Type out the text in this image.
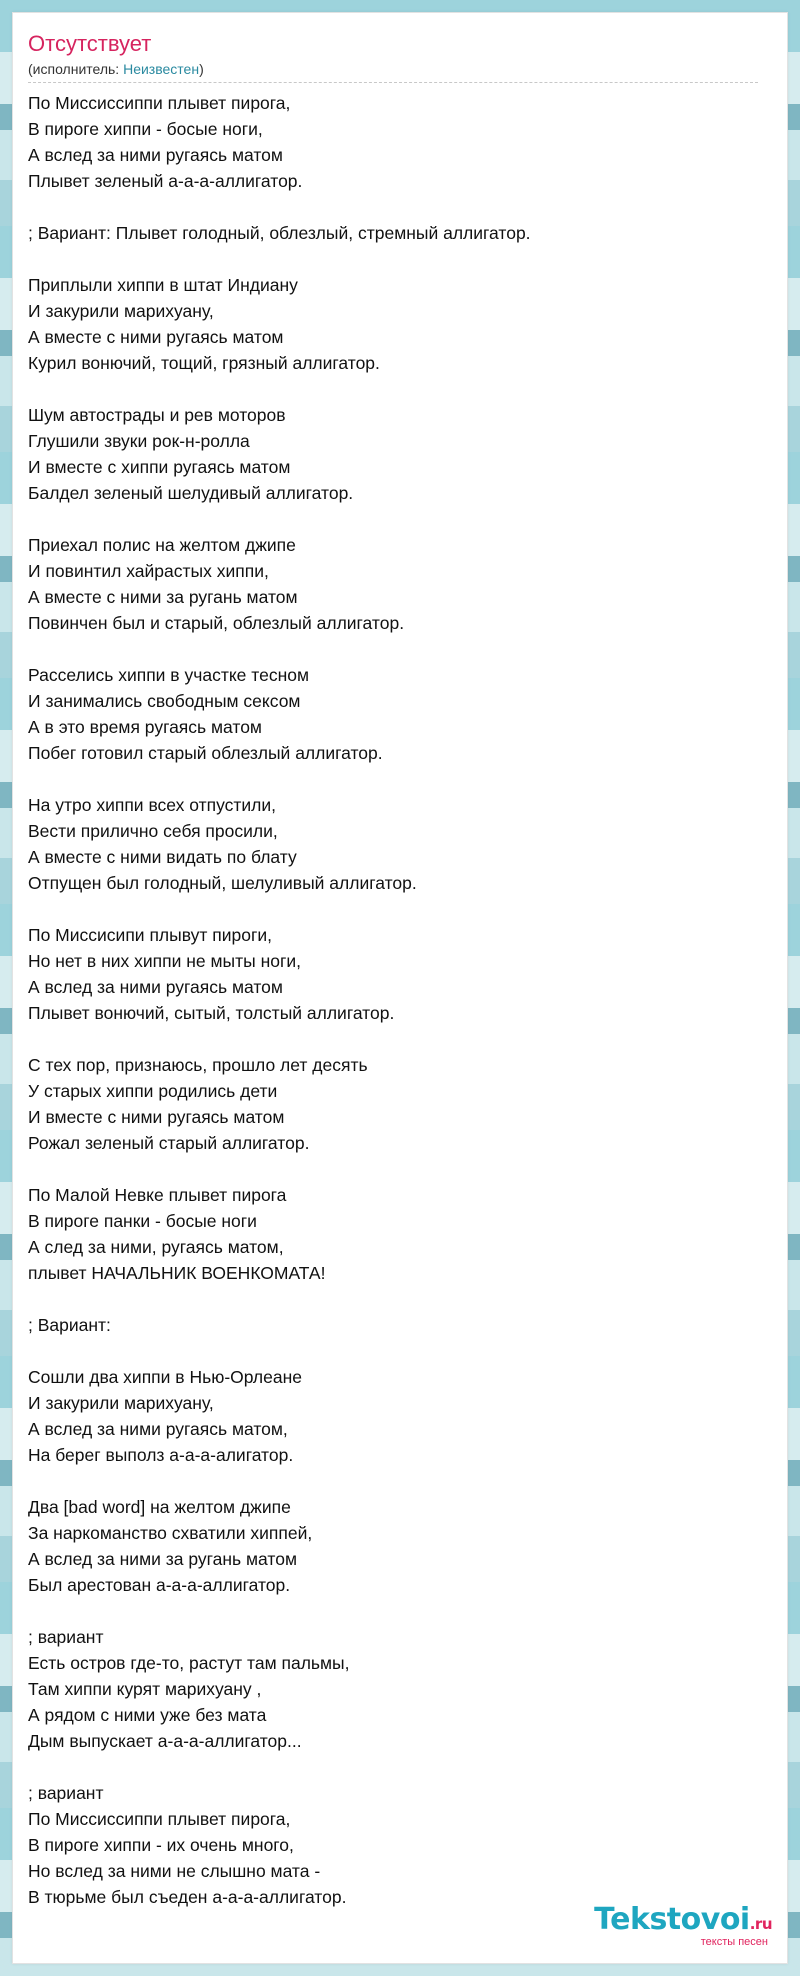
Отсутствует
(исполнитель: Неизвестен)
По Миссиссиппи плывет пирога,
В пироге хиппи - босые ноги,
А вслед за ними ругаясь матом
Плывет зеленый а-а-а-аллигатор.
; Вариант: Плывет голодный, облезлый, стремный аллигатор.
Приплыли хиппи в штат Индиану
И закурили марихуану,
А вместе с ними ругаясь матом
Курил вонючий, тощий, грязный аллигатор.
Шум автострады и рев моторов
Глушили звуки рок-н-ролла
И вместе с хиппи ругаясь матом
Балдел зеленый шелудивый аллигатор.
Приехал полис на желтом джипе
И повинтил хайрастых хиппи,
А вместе с ними за ругань матом
Повинчен был и старый, облезлый аллигатор.
Расселись хиппи в участке тесном
И занимались свободным сексом
А в это время ругаясь матом
Побег готовил старый облезлый аллигатор.
На утро хиппи всех отпустили,
Вести прилично себя просили,
А вместе с ними видать по блату
Отпущен был голодный, шелуливый аллигатор.
По Миссисипи плывут пироги,
Но нет в них хиппи не мыты ноги,
А вслед за ними ругаясь матом
Плывет вонючий, сытый, толстый аллигатор.
С тех пор, признаюсь, прошло лет десять
У старых хиппи родились дети
И вместе с ними ругаясь матом
Рожал зеленый старый аллигатор.
По Малой Невке плывет пирога
В пироге панки - босые ноги
А след за ними, ругаясь матом,
плывет НАЧАЛЬНИК ВОЕНКОМАТА!
; Вариант:
Сошли два хиппи в Нью-Орлеане
И закурили марихуану,
А вслед за ними ругаясь матом,
На берег выполз а-а-а-алигатор.
Два [bad word] на желтом джипе
За наркоманство схватили хиппей,
А вслед за ними за ругань матом
Был арестован а-а-а-аллигатор.
; вариант
Есть остров где-то, растут там пальмы,
Там хиппи курят марихуану ,
А рядом с ними уже без мата
Дым выпускает а-а-а-аллигатор...
; вариант
По Миссиссиппи плывет пирога,
В пироге хиппи - их очень много,
Но вслед за ними не слышно мата -
В тюрьме был съеден а-а-а-аллигатор.
Tekstovoi.ru
тексты песен
